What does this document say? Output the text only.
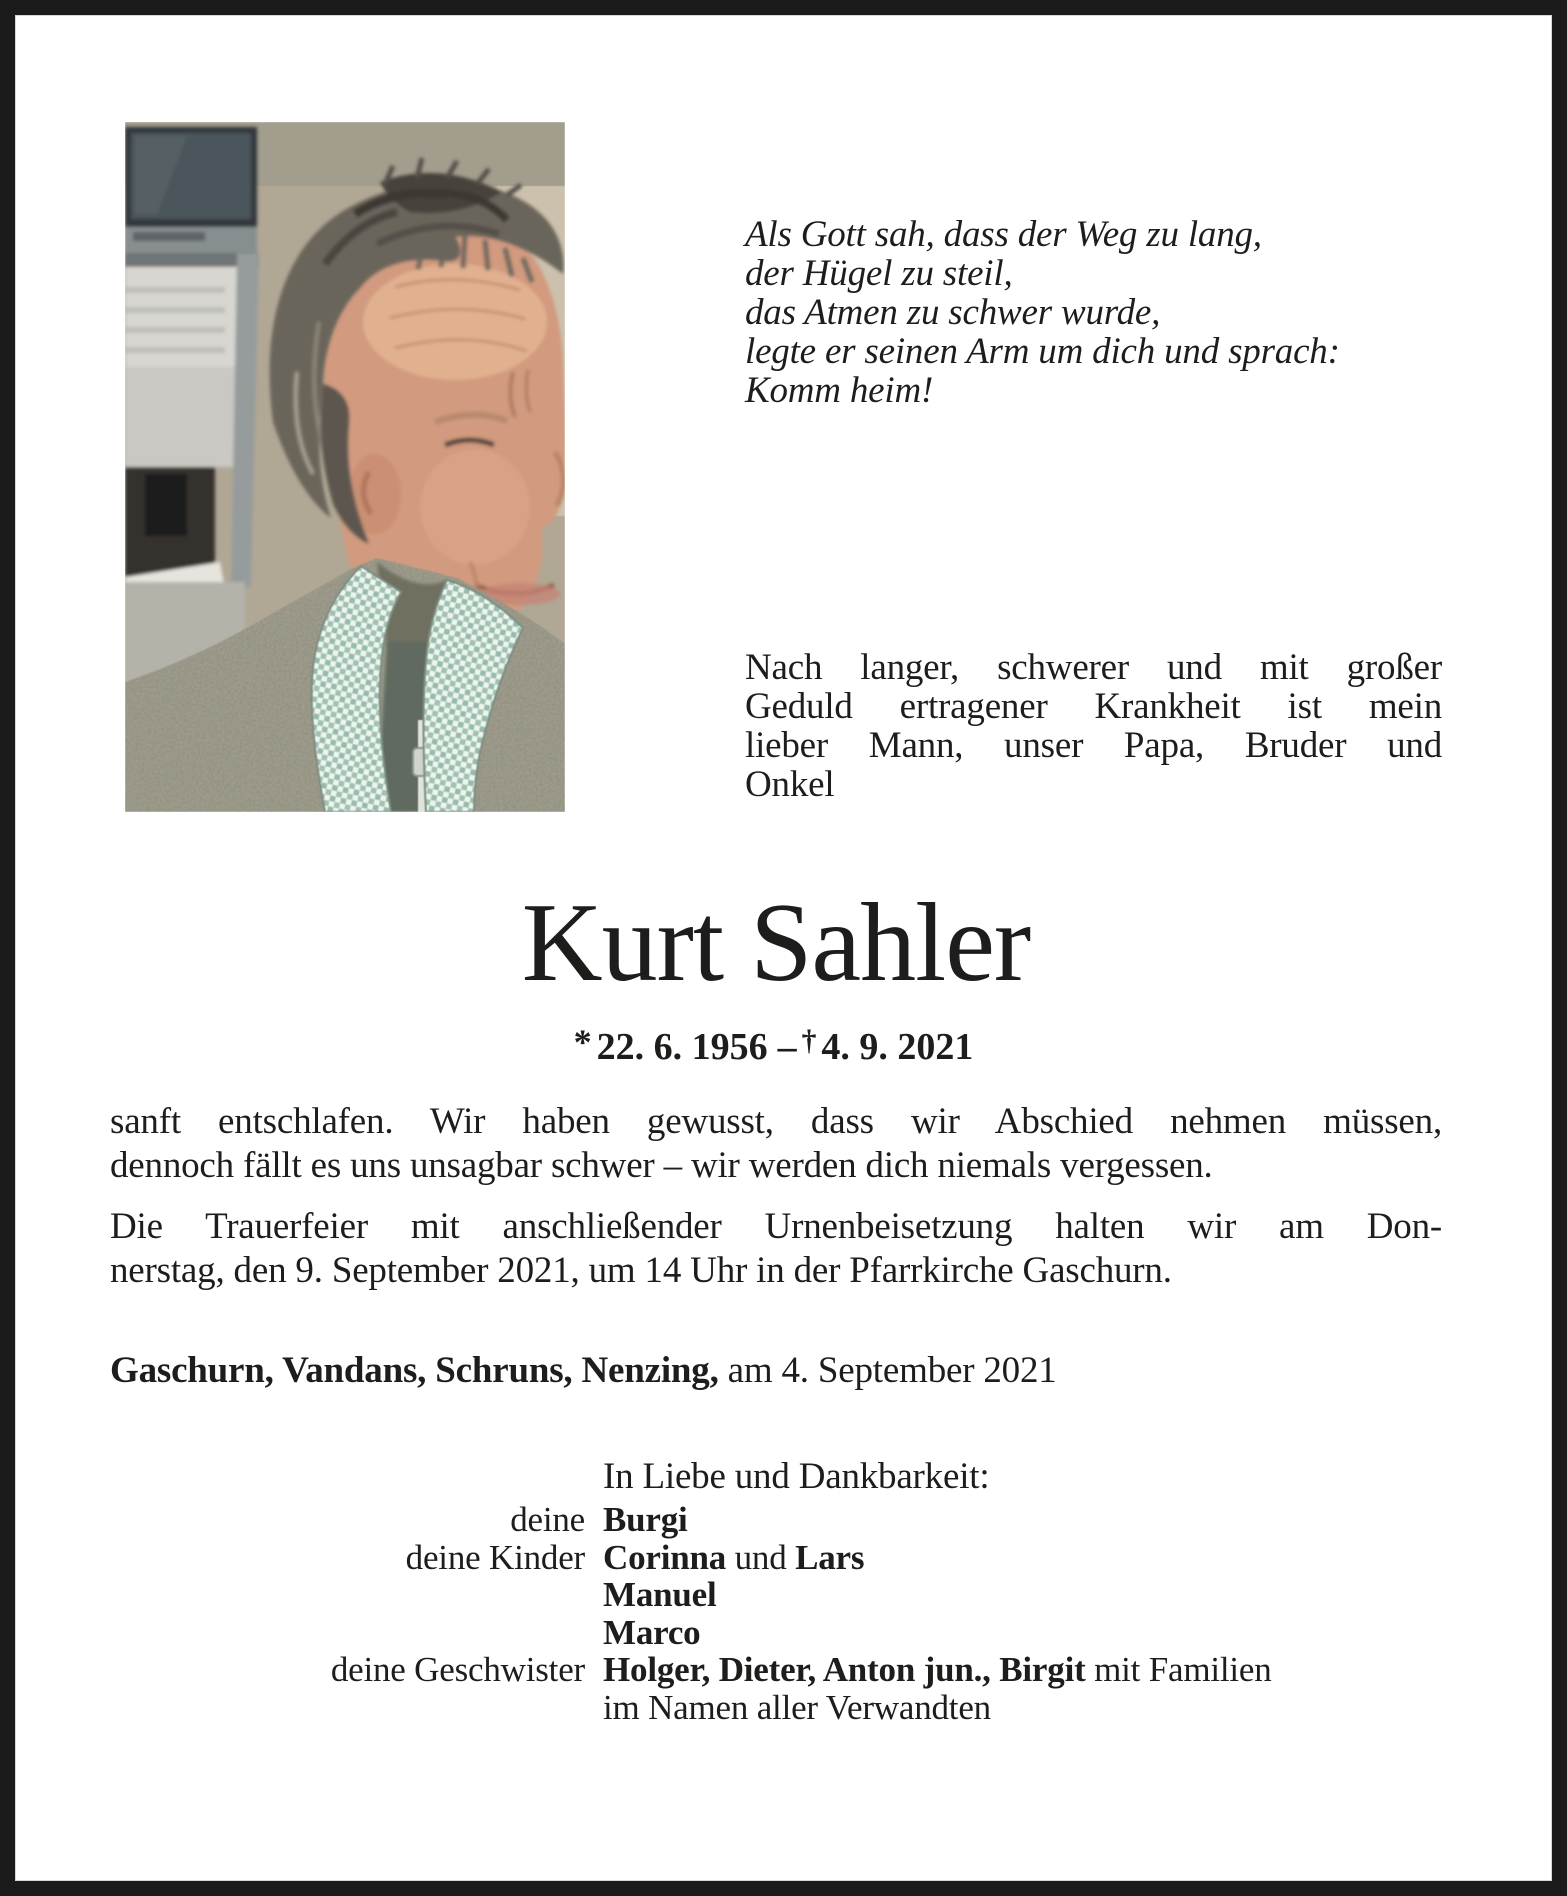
Als Gott sah, dass der Weg zu lang,
der Hügel zu steil,
das Atmen zu schwer wurde,
legte er seinen Arm um dich und sprach:
Komm heim!
Nach langer, schwerer und mit großer
Geduld ertragener Krankheit ist mein
lieber Mann, unser Papa, Bruder und
Onkel
Kurt Sahler
* 22. 6. 1956 – † 4. 9. 2021
sanft entschlafen. Wir haben gewusst, dass wir Abschied nehmen müssen,
dennoch fällt es uns unsagbar schwer – wir werden dich niemals vergessen.
Die Trauerfeier mit anschließender Urnenbeisetzung halten wir am Don-
nerstag, den 9. September 2021, um 14 Uhr in der Pfarrkirche Gaschurn.
Gaschurn, Vandans, Schruns, Nenzing, am 4. September 2021
In Liebe und Dankbarkeit:
deine Burgi
deine Kinder Corinna und Lars
Manuel
Marco
deine Geschwister Holger, Dieter, Anton jun., Birgit mit Familien
im Namen aller Verwandten
